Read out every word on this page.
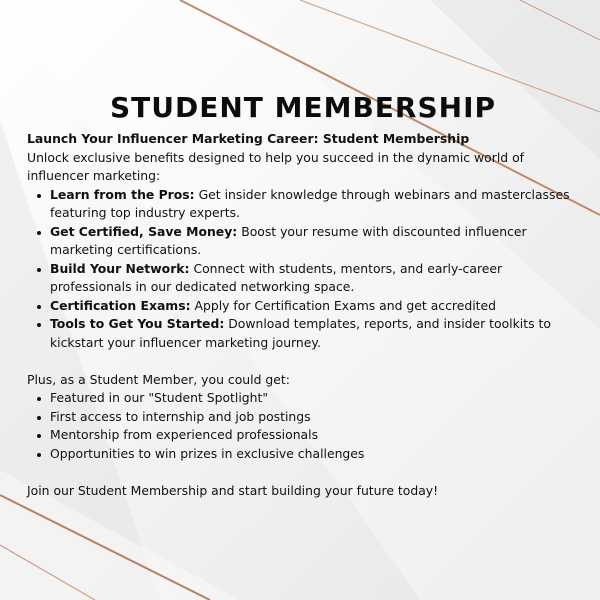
STUDENT MEMBERSHIP

Launch Your Influencer Marketing Career: Student Membership

Unlock exclusive benefits designed to help you succeed in the dynamic world of influencer marketing:

Learn from the Pros: Get insider knowledge through webinars and masterclasses featuring top industry experts.
Get Certified, Save Money: Boost your resume with discounted influencer marketing certifications.
Build Your Network: Connect with students, mentors, and early-career professionals in our dedicated networking space.
Certification Exams: Apply for Certification Exams and get accredited
Tools to Get You Started: Download templates, reports, and insider toolkits to kickstart your influencer marketing journey.

Plus, as a Student Member, you could get:

Featured in our "Student Spotlight"
First access to internship and job postings
Mentorship from experienced professionals
Opportunities to win prizes in exclusive challenges

Join our Student Membership and start building your future today!
